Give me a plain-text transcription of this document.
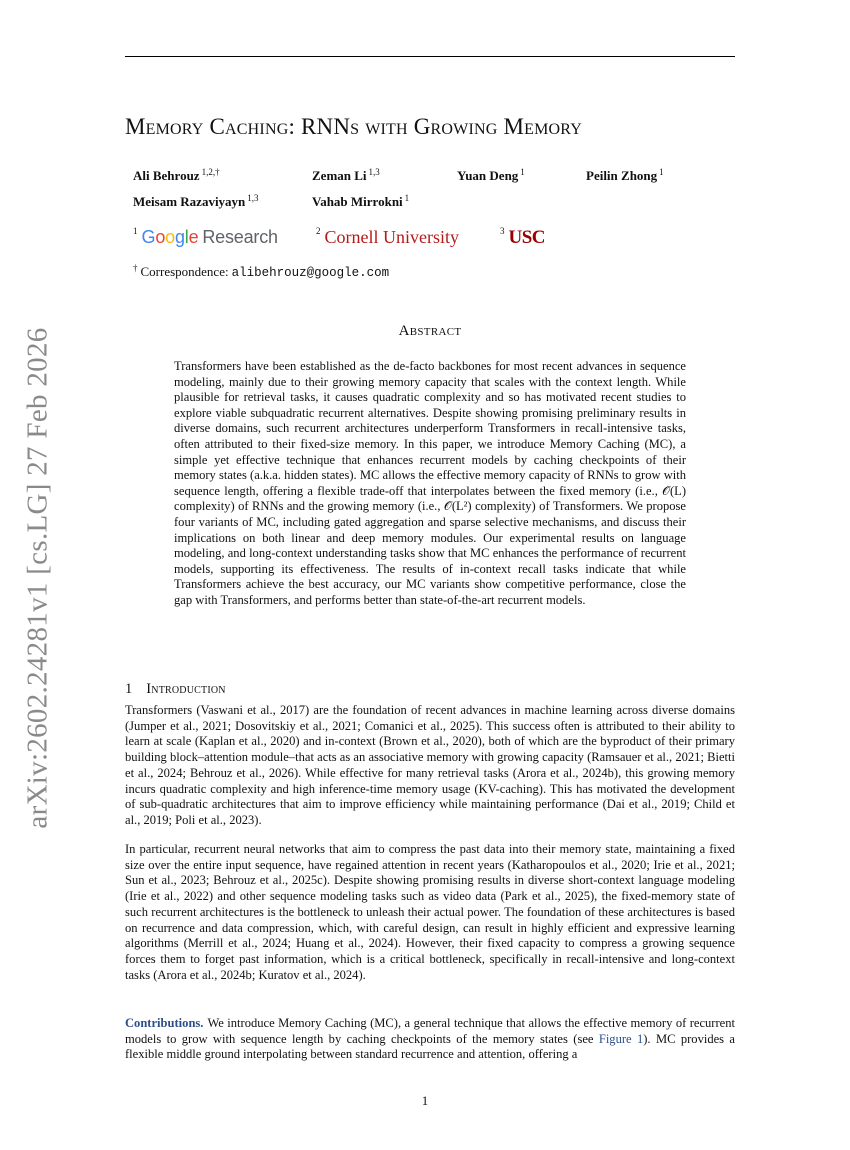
Memory Caching: RNNs with Growing Memory
Ali Behrouz $^{1,2,\dagger}$	Zeman Li $^{1,3}$	Yuan Deng $^1$	Peilin Zhong $^1$
Meisam Razaviyayn $^{1,3}$	Vahab Mirrokni $^1$
$^1$ Google Research	$^2$ Cornell University	$^3$ USC
† Correspondence: alibehrouz@google.com
arXiv:2602.24281v1 [cs.LG] 27 Feb 2026	Abstract
Transformers have been established as the de-facto backbones for most recent advances in sequence modeling, mainly due to their growing memory capacity that scales with the context length. While plausible for retrieval tasks, it causes quadratic complexity and so has motivated recent studies to explore viable subquadratic recurrent alternatives. Despite showing promising preliminary results in diverse domains, such recurrent architectures underperform Transformers in recall-intensive tasks, often attributed to their fixed-size memory. In this paper, we introduce Memory Caching (MC), a simple yet effective technique that enhances recurrent models by caching checkpoints of their memory states (a.k.a. hidden states). MC allows the effective memory capacity of RNNs to grow with sequence length, offering a flexible trade-off that interpolates between the fixed memory (i.e., 𝒪(L) complexity) of RNNs and the growing memory (i.e., 𝒪(L²) complexity) of Transformers. We propose four variants of MC, including gated aggregation and sparse selective mechanisms, and discuss their implications on both linear and deep memory modules. Our experimental results on language modeling, and long-context understanding tasks show that MC enhances the performance of recurrent models, supporting its effectiveness. The results of in-context recall tasks indicate that while Transformers achieve the best accuracy, our MC variants show competitive performance, close the gap with Transformers, and performs better than state-of-the-art recurrent models.
1 Introduction
Transformers (Vaswani et al., 2017) are the foundation of recent advances in machine learning across diverse domains (Jumper et al., 2021; Dosovitskiy et al., 2021; Comanici et al., 2025). This success often is attributed to their ability to learn at scale (Kaplan et al., 2020) and in-context (Brown et al., 2020), both of which are the byproduct of their primary building block–attention module–that acts as an associative memory with growing capacity (Ramsauer et al., 2021; Bietti et al., 2024; Behrouz et al., 2026). While effective for many retrieval tasks (Arora et al., 2024b), this growing memory incurs quadratic complexity and high inference-time memory usage (KV-caching). This has motivated the development of sub-quadratic architectures that aim to improve efficiency while maintaining performance (Dai et al., 2019; Child et al., 2019; Poli et al., 2023).
In particular, recurrent neural networks that aim to compress the past data into their memory state, maintaining a fixed size over the entire input sequence, have regained attention in recent years (Katharopoulos et al., 2020; Irie et al., 2021; Sun et al., 2023; Behrouz et al., 2025c). Despite showing promising results in diverse short-context language modeling (Irie et al., 2022) and other sequence modeling tasks such as video data (Park et al., 2025), the fixed-memory state of such recurrent architectures is the bottleneck to unleash their actual power. The foundation of these architectures is based on recurrence and data compression, which, with careful design, can result in highly efficient and expressive learning algorithms (Merrill et al., 2024; Huang et al., 2024). However, their fixed capacity to compress a growing sequence forces them to forget past information, which is a critical bottleneck, specifically in recall-intensive and long-context tasks (Arora et al., 2024b; Kuratov et al., 2024).
Contributions. We introduce Memory Caching (MC), a general technique that allows the effective memory of recurrent models to grow with sequence length by caching checkpoints of the memory states (see Figure 1). MC provides a flexible middle ground interpolating between standard recurrence and attention, offering a
1
